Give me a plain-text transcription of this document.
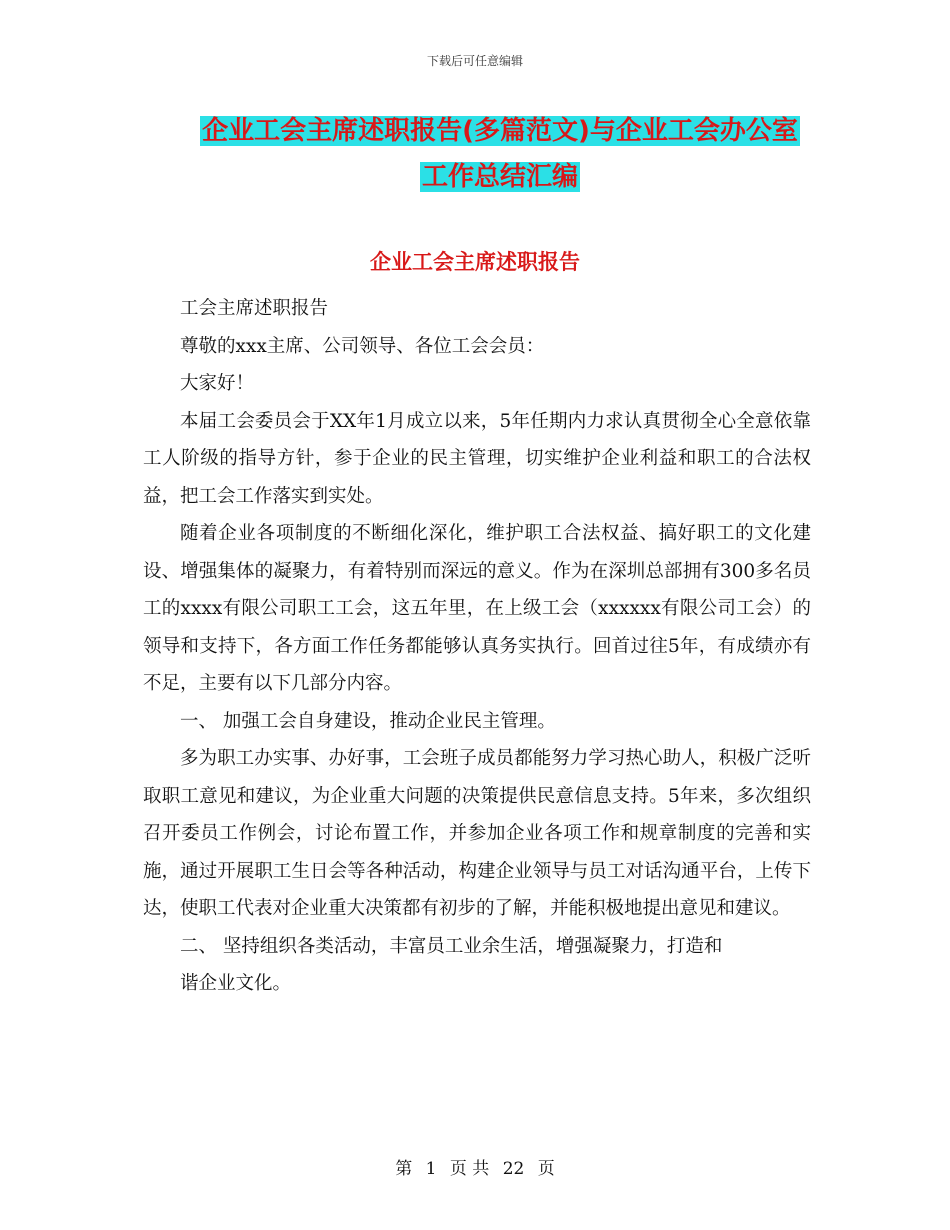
下载后可任意编辑
企业工会主席述职报告(多篇范文)与企业工会办公室
工作总结汇编
企业工会主席述职报告

工会主席述职报告

尊敬的xxx主席、公司领导、各位工会会员：

大家好！

本届工会委员会于XX年1月成立以来，5年任期内力求认真贯彻全心全意依靠工人阶级的指导方针，参于企业的民主管理，切实维护企业利益和职工的合法权益，把工会工作落实到实处。

随着企业各项制度的不断细化深化，维护职工合法权益、搞好职工的文化建设、增强集体的凝聚力，有着特别而深远的意义。作为在深圳总部拥有300多名员工的xxxx有限公司职工工会，这五年里，在上级工会（xxxxxx有限公司工会）的领导和支持下，各方面工作任务都能够认真务实执行。回首过往5年，有成绩亦有不足，主要有以下几部分内容。

一、 加强工会自身建设，推动企业民主管理。

多为职工办实事、办好事，工会班子成员都能努力学习热心助人，积极广泛听取职工意见和建议，为企业重大问题的决策提供民意信息支持。5年来，多次组织召开委员工作例会，讨论布置工作，并参加企业各项工作和规章制度的完善和实施，通过开展职工生日会等各种活动，构建企业领导与员工对话沟通平台，上传下达，使职工代表对企业重大决策都有初步的了解，并能积极地提出意见和建议。

二、 坚持组织各类活动，丰富员工业余生活，增强凝聚力，打造和

谐企业文化。

第 1 页 共 22 页
